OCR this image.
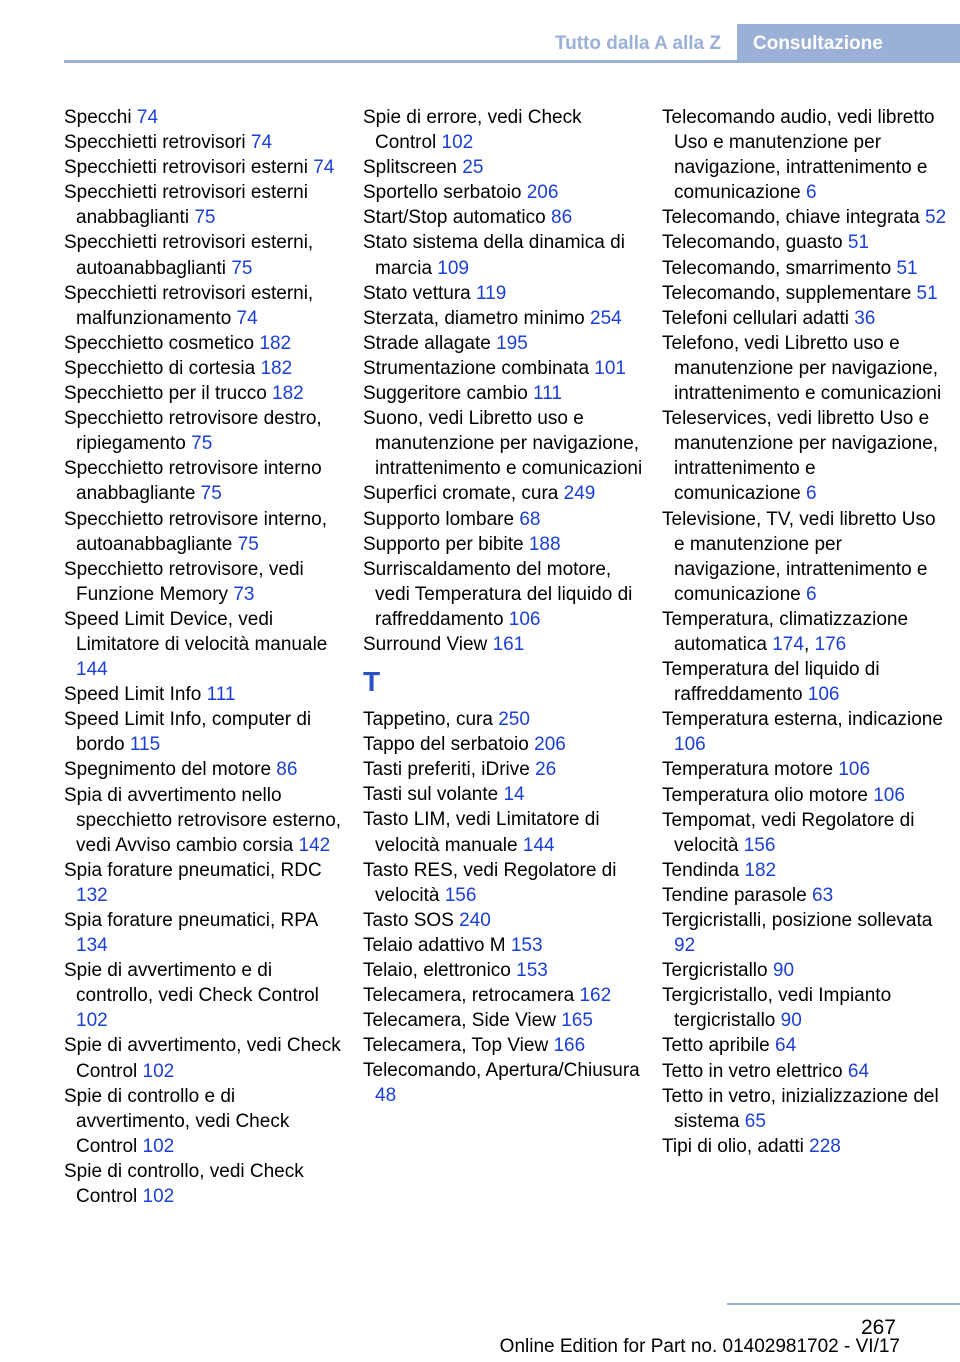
Tutto dalla A alla Z	Consultazione
Specchi 74
Specchietti retrovisori 74
Specchietti retrovisori esterni 74
Specchietti retrovisori esterni anabbaglianti 75
Specchietti retrovisori esterni, autoanabbaglianti 75
Specchietti retrovisori esterni, malfunzionamento 74
Specchietto cosmetico 182
Specchietto di cortesia 182
Specchietto per il trucco 182
Specchietto retrovisore destro, ripiegamento 75
Specchietto retrovisore interno anabbagliante 75
Specchietto retrovisore interno, autoanabbagliante 75
Specchietto retrovisore, vedi Funzione Memory 73
Speed Limit Device, vedi Limitatore di velocità manuale 144
Speed Limit Info 111
Speed Limit Info, computer di bordo 115
Spegnimento del motore 86
Spia di avvertimento nello specchietto retrovisore esterno, vedi Avviso cambio corsia 142
Spia forature pneumatici, RDC 132
Spia forature pneumatici, RPA 134
Spie di avvertimento e di controllo, vedi Check Control 102
Spie di avvertimento, vedi Check Control 102
Spie di controllo e di avvertimento, vedi Check Control 102
Spie di controllo, vedi Check Control 102
Spie di errore, vedi Check Control 102
Splitscreen 25
Sportello serbatoio 206
Start/Stop automatico 86
Stato sistema della dinamica di marcia 109
Stato vettura 119
Sterzata, diametro minimo 254
Strade allagate 195
Strumentazione combinata 101
Suggeritore cambio 111
Suono, vedi Libretto uso e manutenzione per navigazione, intrattenimento e comunicazioni
Superfici cromate, cura 249
Supporto lombare 68
Supporto per bibite 188
Surriscaldamento del motore, vedi Temperatura del liquido di raffreddamento 106
Surround View 161
T
Tappetino, cura 250
Tappo del serbatoio 206
Tasti preferiti, iDrive 26
Tasti sul volante 14
Tasto LIM, vedi Limitatore di velocità manuale 144
Tasto RES, vedi Regolatore di velocità 156
Tasto SOS 240
Telaio adattivo M 153
Telaio, elettronico 153
Telecamera, retrocamera 162
Telecamera, Side View 165
Telecamera, Top View 166
Telecomando, Apertura/Chiusura 48
Telecomando audio, vedi libretto Uso e manutenzione per navigazione, intrattenimento e comunicazione 6
Telecomando, chiave integrata 52
Telecomando, guasto 51
Telecomando, smarrimento 51
Telecomando, supplementare 51
Telefoni cellulari adatti 36
Telefono, vedi Libretto uso e manutenzione per navigazione, intrattenimento e comunicazioni
Teleservices, vedi libretto Uso e manutenzione per navigazione, intrattenimento e comunicazione 6
Televisione, TV, vedi libretto Uso e manutenzione per navigazione, intrattenimento e comunicazione 6
Temperatura, climatizzazione automatica 174, 176
Temperatura del liquido di raffreddamento 106
Temperatura esterna, indicazione 106
Temperatura motore 106
Temperatura olio motore 106
Tempomat, vedi Regolatore di velocità 156
Tendinda 182
Tendine parasole 63
Tergicristalli, posizione sollevata 92
Tergicristallo 90
Tergicristallo, vedi Impianto tergicristallo 90
Tetto apribile 64
Tetto in vetro elettrico 64
Tetto in vetro, inizializzazione del sistema 65
Tipi di olio, adatti 228
267
Online Edition for Part no. 01402981702 - VI/17
